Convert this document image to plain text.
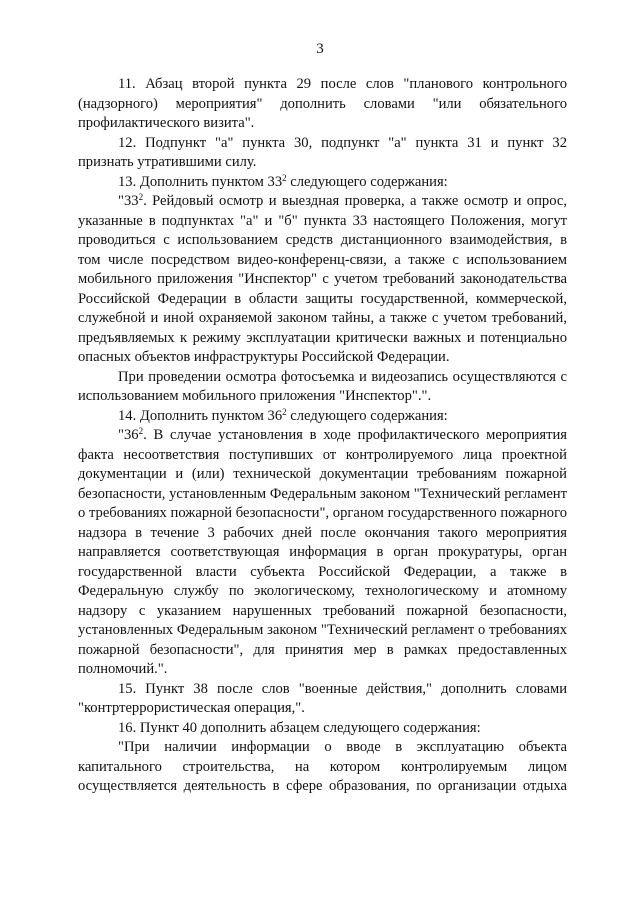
3

11. Абзац второй пункта 29 после слов "планового контрольного (надзорного) мероприятия" дополнить словами "или обязательного профилактического визита".

12. Подпункт "а" пункта 30, подпункт "а" пункта 31 и пункт 32 признать утратившими силу.

13. Дополнить пунктом $33^2$ следующего содержания:

"$33^2$. Рейдовый осмотр и выездная проверка, а также осмотр и опрос, указанные в подпунктах "а" и "б" пункта 33 настоящего Положения, могут проводиться с использованием средств дистанционного взаимодействия, в том числе посредством видео-конференц-связи, а также с использованием мобильного приложения "Инспектор" с учетом требований законодательства Российской Федерации в области защиты государственной, коммерческой, служебной и иной охраняемой законом тайны, а также с учетом требований, предъявляемых к режиму эксплуатации критически важных и потенциально опасных объектов инфраструктуры Российской Федерации.

При проведении осмотра фотосъемка и видеозапись осуществляются с использованием мобильного приложения "Инспектор".".

14. Дополнить пунктом $36^2$ следующего содержания:

"$36^2$. В случае установления в ходе профилактического мероприятия факта несоответствия поступивших от контролируемого лица проектной документации и (или) технической документации требованиям пожарной безопасности, установленным Федеральным законом "Технический регламент о требованиях пожарной безопасности", органом государственного пожарного надзора в течение 3 рабочих дней после окончания такого мероприятия направляется соответствующая информация в орган прокуратуры, орган государственной власти субъекта Российской Федерации, а также в Федеральную службу по экологическому, технологическому и атомному надзору с указанием нарушенных требований пожарной безопасности, установленных Федеральным законом "Технический регламент о требованиях пожарной безопасности", для принятия мер в рамках предоставленных полномочий.".

15. Пункт 38 после слов "военные действия," дополнить словами "контртеррористическая операция,".

16. Пункт 40 дополнить абзацем следующего содержания:

"При наличии информации о вводе в эксплуатацию объекта капитального строительства, на котором контролируемым лицом осуществляется деятельность в сфере образования, по организации отдыха
